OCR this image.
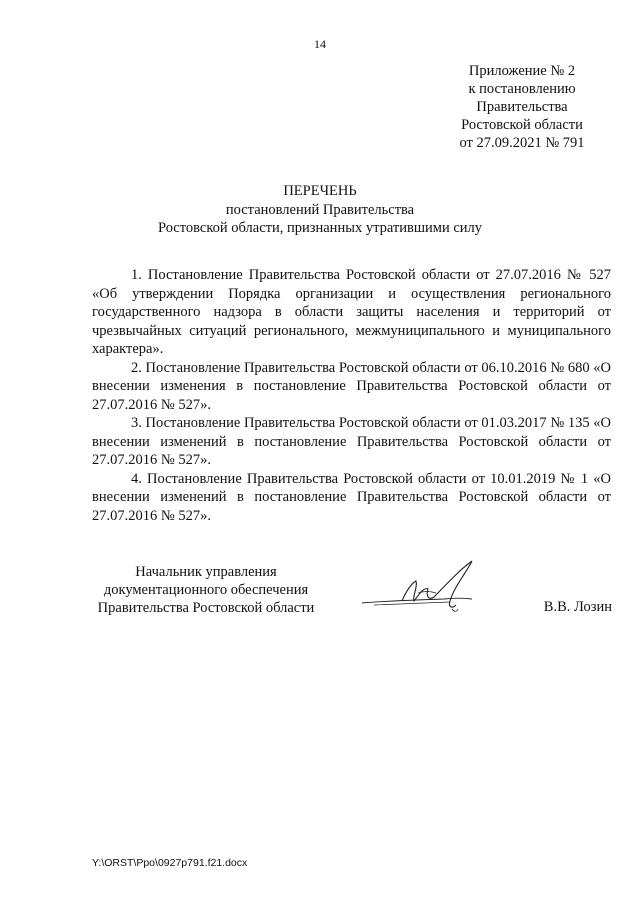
14
Приложение № 2
к постановлению
Правительства
Ростовской области
от 27.09.2021 № 791
ПЕРЕЧЕНЬ
постановлений Правительства
Ростовской области, признанных утратившими силу

1. Постановление Правительства Ростовской области от 27.07.2016 № 527 «Об утверждении Порядка организации и осуществления регионального государственного надзора в области защиты населения и территорий от чрезвычайных ситуаций регионального, межмуниципального и муниципального характера».

2. Постановление Правительства Ростовской области от 06.10.2016 № 680 «О внесении изменения в постановление Правительства Ростовской области от 27.07.2016 № 527».

3. Постановление Правительства Ростовской области от 01.03.2017 № 135 «О внесении изменений в постановление Правительства Ростовской области от 27.07.2016 № 527».

4. Постановление Правительства Ростовской области от 10.01.2019 № 1 «О внесении изменений в постановление Правительства Ростовской области от 27.07.2016 № 527».

Начальник управления
документационного обеспечения
Правительства Ростовской области	В.В. Лозин
Y:\ORST\Ppo\0927p791.f21.docx
